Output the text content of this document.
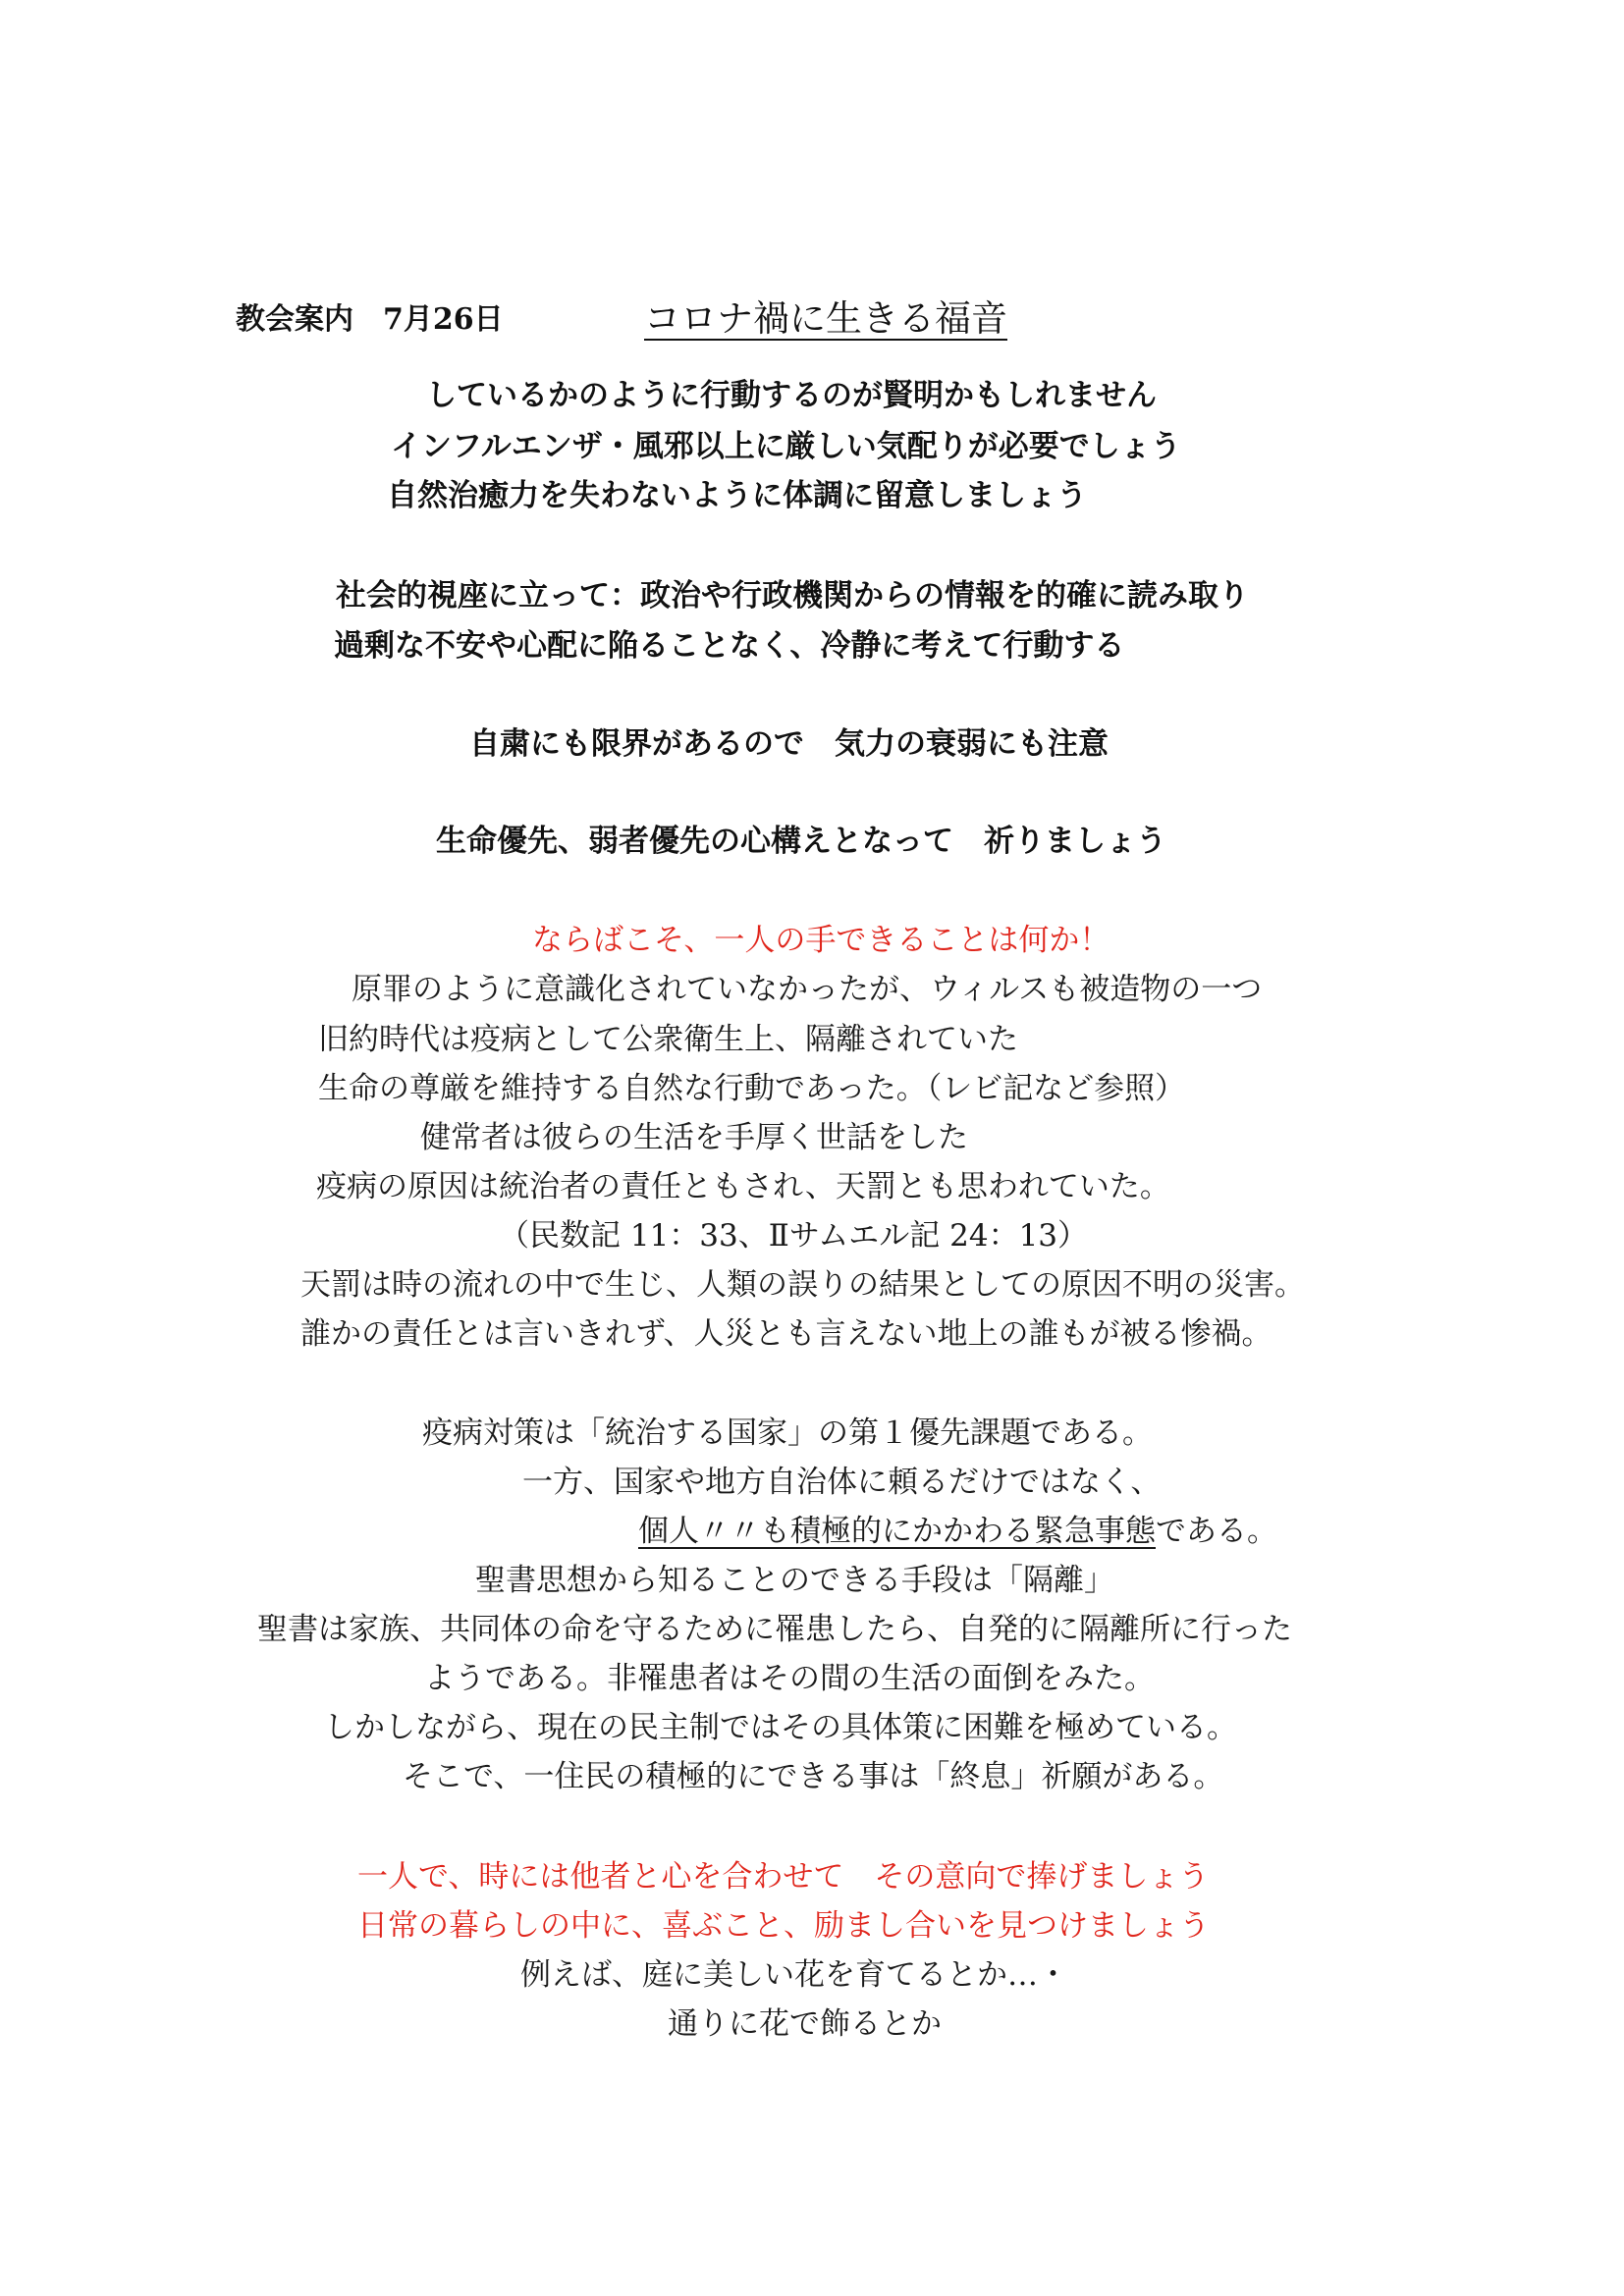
教会案内　7月26日	コロナ禍に生きる福音
しているかのように行動するのが賢明かもしれません
インフルエンザ・風邪以上に厳しい気配りが必要でしょう
自然治癒力を失わないように体調に留意しましょう
社会的視座に立って：政治や行政機関からの情報を的確に読み取り
過剰な不安や心配に陥ることなく、冷静に考えて行動する
自粛にも限界があるので　気力の衰弱にも注意
生命優先、弱者優先の心構えとなって　祈りましょう
ならばこそ、一人の手できることは何か！
原罪のように意識化されていなかったが、ウィルスも被造物の一つ
旧約時代は疫病として公衆衛生上、隔離されていた
生命の尊厳を維持する自然な行動であった。（レビ記など参照）
健常者は彼らの生活を手厚く世話をした
疫病の原因は統治者の責任ともされ、天罰とも思われていた。
（民数記 11：33、Ⅱサムエル記 24：13）
天罰は時の流れの中で生じ、人類の誤りの結果としての原因不明の災害。
誰かの責任とは言いきれず、人災とも言えない地上の誰もが被る惨禍。
疫病対策は「統治する国家」の第１優先課題である。
一方、国家や地方自治体に頼るだけではなく、
個人〃〃も積極的にかかわる緊急事態である。
聖書思想から知ることのできる手段は「隔離」
聖書は家族、共同体の命を守るために罹患したら、自発的に隔離所に行った
ようである。非罹患者はその間の生活の面倒をみた。
しかしながら、現在の民主制ではその具体策に困難を極めている。
そこで、一住民の積極的にできる事は「終息」祈願がある。
一人で、時には他者と心を合わせて　その意向で捧げましょう
日常の暮らしの中に、喜ぶこと、励まし合いを見つけましょう
例えば、庭に美しい花を育てるとか…・
通りに花で飾るとか
